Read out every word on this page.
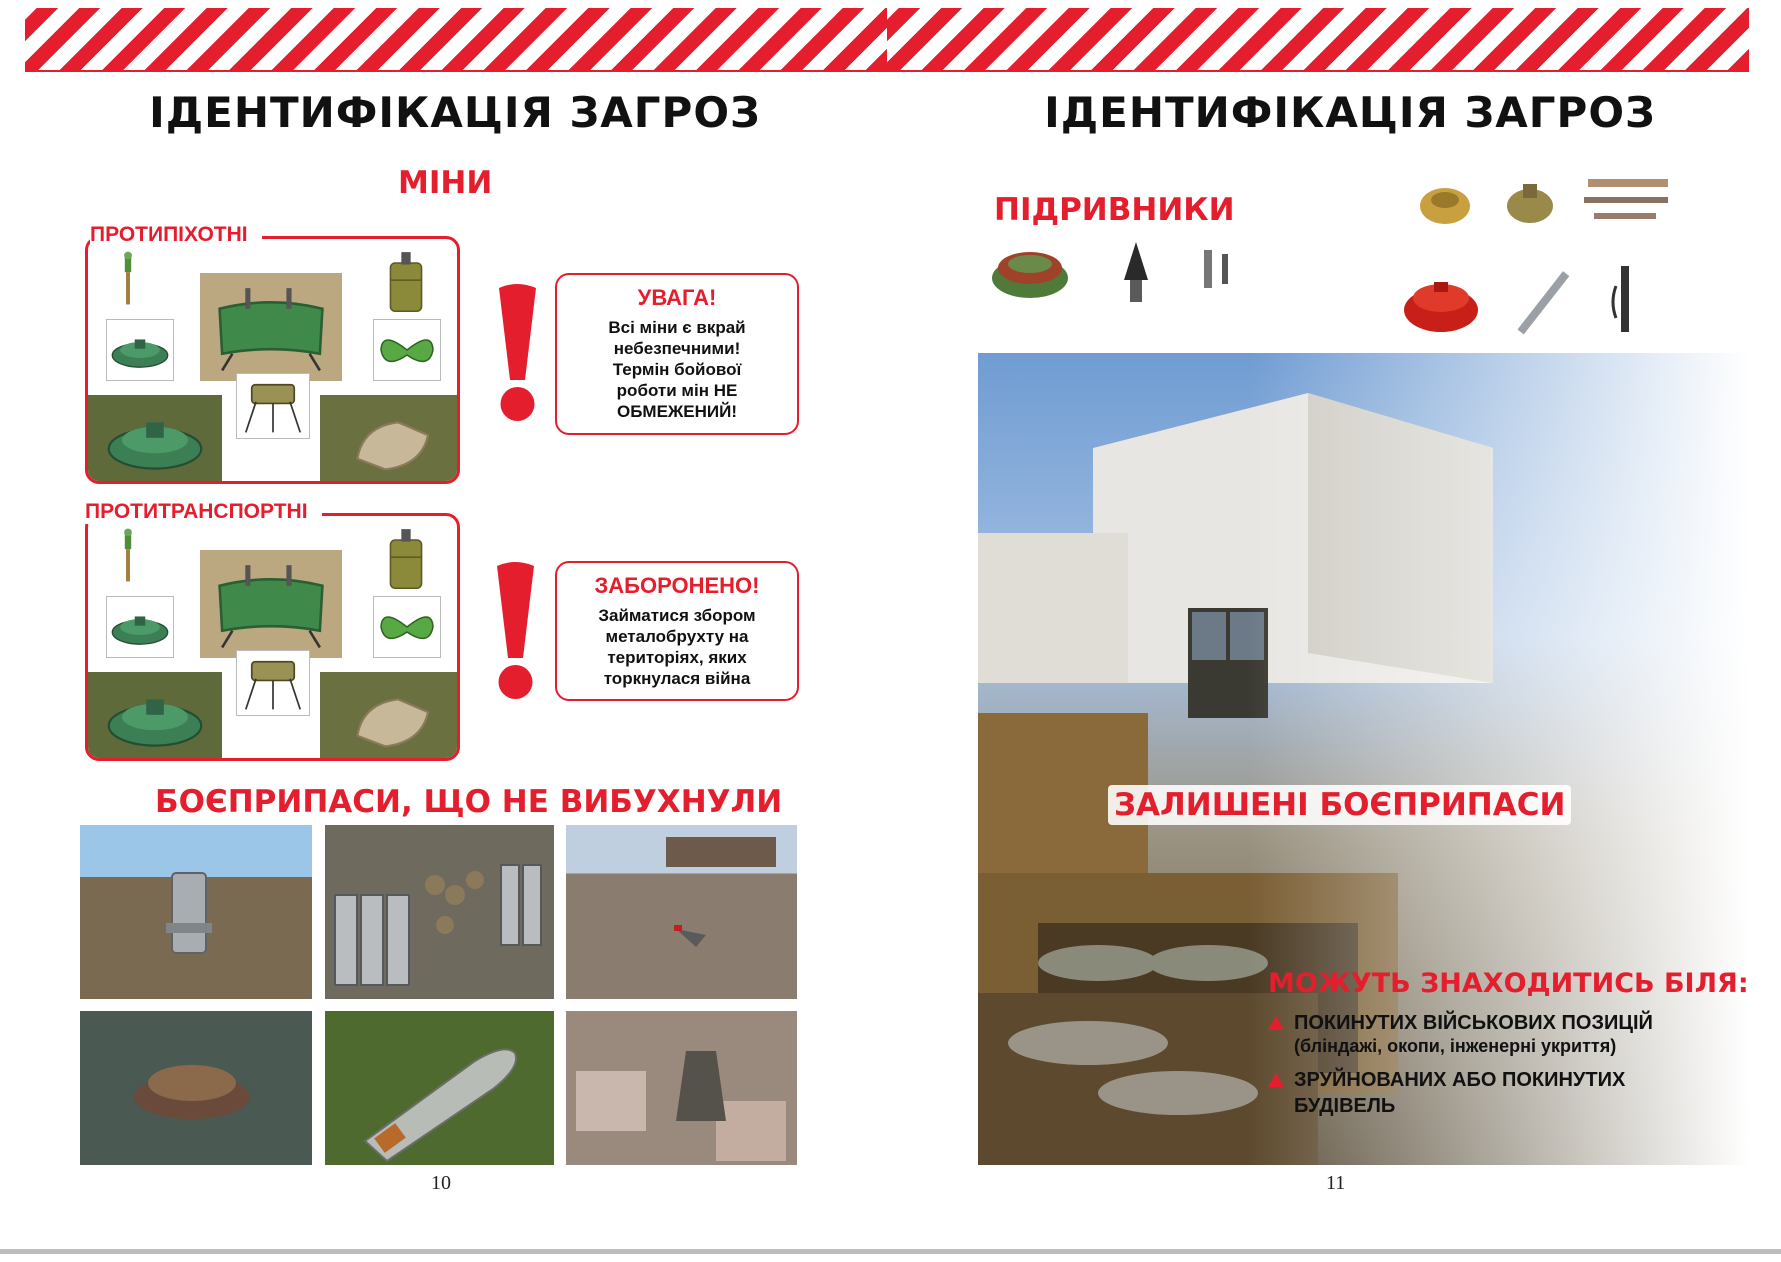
ІДЕНТИФІКАЦІЯ ЗАГРОЗ
МІНИ
ПРОТИПІХОТНІ
ПРОТИТРАНСПОРТНІ
УВАГА!
Всі міни є вкрай
небезпечними!
Термін бойової
роботи мін НЕ
ОБМЕЖЕНИЙ!
ЗАБОРОНЕНО!
Займатися збором
металобрухту на
територіях, яких
торкнулася війна
БОЄПРИПАСИ, ЩО НЕ ВИБУХНУЛИ
10
ІДЕНТИФІКАЦІЯ ЗАГРОЗ
ПІДРИВНИКИ
ЗАЛИШЕНІ БОЄПРИПАСИ
МОЖУТЬ ЗНАХОДИТИСЬ БІЛЯ:
ПОКИНУТИХ ВІЙСЬКОВИХ ПОЗИЦІЙ
(бліндажі, окопи, інженерні укриття)
ЗРУЙНОВАНИХ АБО ПОКИНУТИХ
БУДІВЕЛЬ
11
